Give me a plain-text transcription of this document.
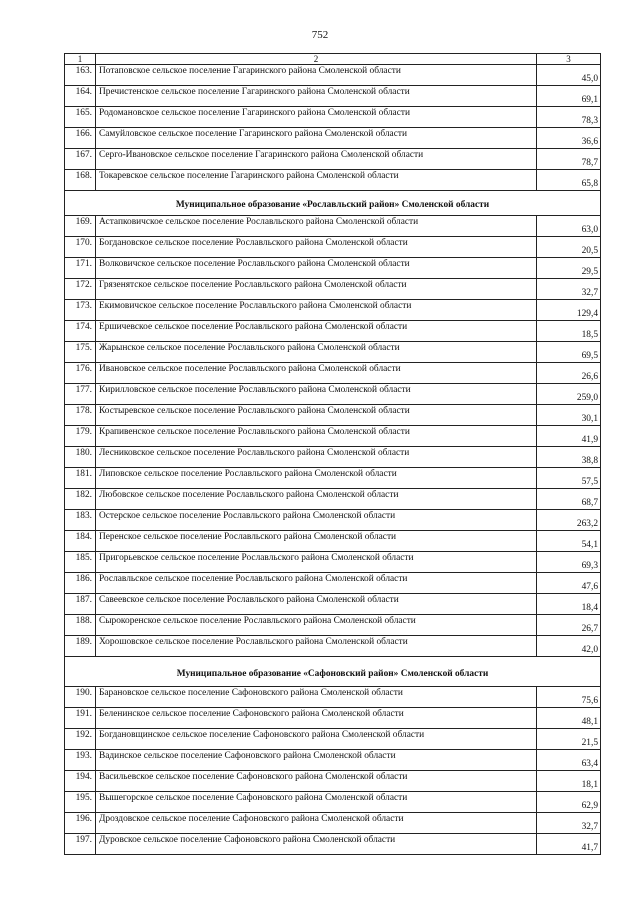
752
1	2	3
163.	Потаповское сельское поселение Гагаринского района Смоленской области	45,0
164.	Пречистенское сельское поселение Гагаринского района Смоленской области	69,1
165.	Родомановское сельское поселение Гагаринского района Смоленской области	78,3
166.	Самуйловское сельское поселение Гагаринского района Смоленской области	36,6
167.	Серго-Ивановское сельское поселение Гагаринского района Смоленской области	78,7
168.	Токаревское сельское поселение Гагаринского района Смоленской области	65,8
Муниципальное образование «Рославльский район» Смоленской области		
169.	Астапковичское сельское поселение Рославльского района Смоленской области	63,0
170.	Богдановское сельское поселение Рославльского района Смоленской области	20,5
171.	Волковичское сельское поселение Рославльского района Смоленской области	29,5
172.	Грязенятское сельское поселение Рославльского района Смоленской области	32,7
173.	Екимовичское сельское поселение Рославльского района Смоленской области	129,4
174.	Ершичевское сельское поселение Рославльского района Смоленской области	18,5
175.	Жарынское сельское поселение Рославльского района Смоленской области	69,5
176.	Ивановское сельское поселение Рославльского района Смоленской области	26,6
177.	Кирилловское сельское поселение Рославльского района Смоленской области	259,0
178.	Костыревское сельское поселение Рославльского района Смоленской области	30,1
179.	Крапивенское сельское поселение Рославльского района Смоленской области	41,9
180.	Лесниковское сельское поселение Рославльского района Смоленской области	38,8
181.	Липовское сельское поселение Рославльского района Смоленской области	57,5
182.	Любовское сельское поселение Рославльского района Смоленской области	68,7
183.	Остерское сельское поселение Рославльского района Смоленской области	263,2
184.	Перенское сельское поселение Рославльского района Смоленской области	54,1
185.	Пригорьевское сельское поселение Рославльского района Смоленской области	69,3
186.	Рославльское сельское поселение Рославльского района Смоленской области	47,6
187.	Савеевское сельское поселение Рославльского района Смоленской области	18,4
188.	Сырокоренское сельское поселение Рославльского района Смоленской области	26,7
189.	Хорошовское сельское поселение Рославльского района Смоленской области	42,0
Муниципальное образование «Сафоновский район» Смоленской области		
190.	Барановское сельское поселение Сафоновского района Смоленской области	75,6
191.	Беленинское сельское поселение Сафоновского района Смоленской области	48,1
192.	Богдановщинское сельское поселение Сафоновского района Смоленской области	21,5
193.	Вадинское сельское поселение Сафоновского района Смоленской области	63,4
194.	Васильевское сельское поселение Сафоновского района Смоленской области	18,1
195.	Вышегорское сельское поселение Сафоновского района Смоленской области	62,9
196.	Дроздовское сельское поселение Сафоновского района Смоленской области	32,7
197.	Дуровское сельское поселение Сафоновского района Смоленской области	41,7
